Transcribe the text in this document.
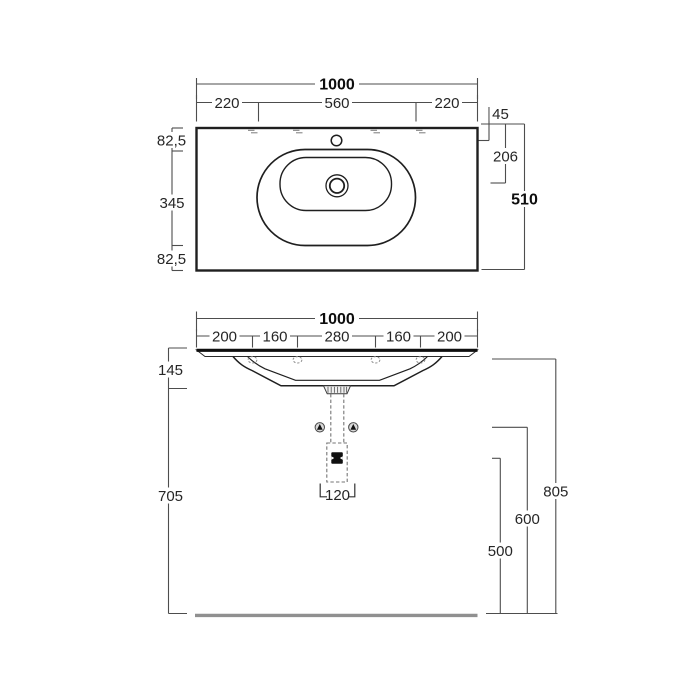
1000
220	560	220
82,5
345
82,5
45
206
510
1000
200 160 280 160 200
145
705	805
600
500
120
